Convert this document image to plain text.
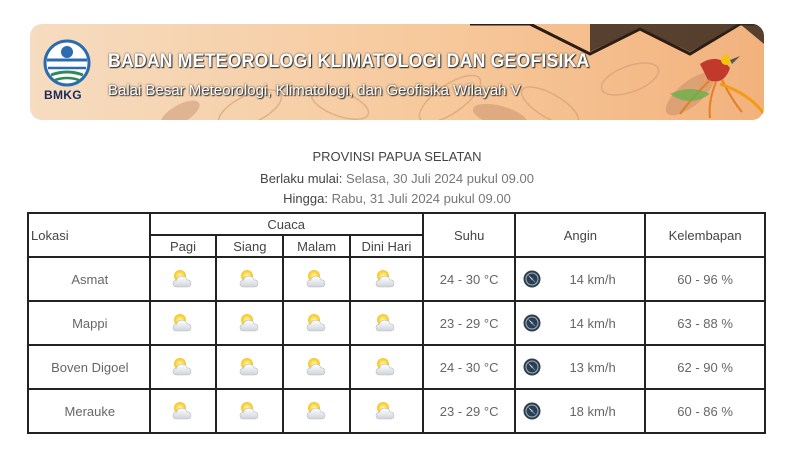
BMKG
BADAN METEOROLOGI KLIMATOLOGI DAN GEOFISIKA
Balai Besar Meteorologi, Klimatologi, dan Geofisika Wilayah V
PROVINSI PAPUA SELATAN
Berlaku mulai: Selasa, 30 Juli 2024 pukul 09.00
Hingga: Rabu, 31 Juli 2024 pukul 09.00
Lokasi	Cuaca				Suhu	Angin	Kelembapan
	Pagi	Siang	Malam	Dini Hari			
Asmat					24 - 30 °C	14 km/h	60 - 96 %
Mappi					23 - 29 °C	14 km/h	63 - 88 %
Boven Digoel					24 - 30 °C	13 km/h	62 - 90 %
Merauke					23 - 29 °C	18 km/h	60 - 86 %
